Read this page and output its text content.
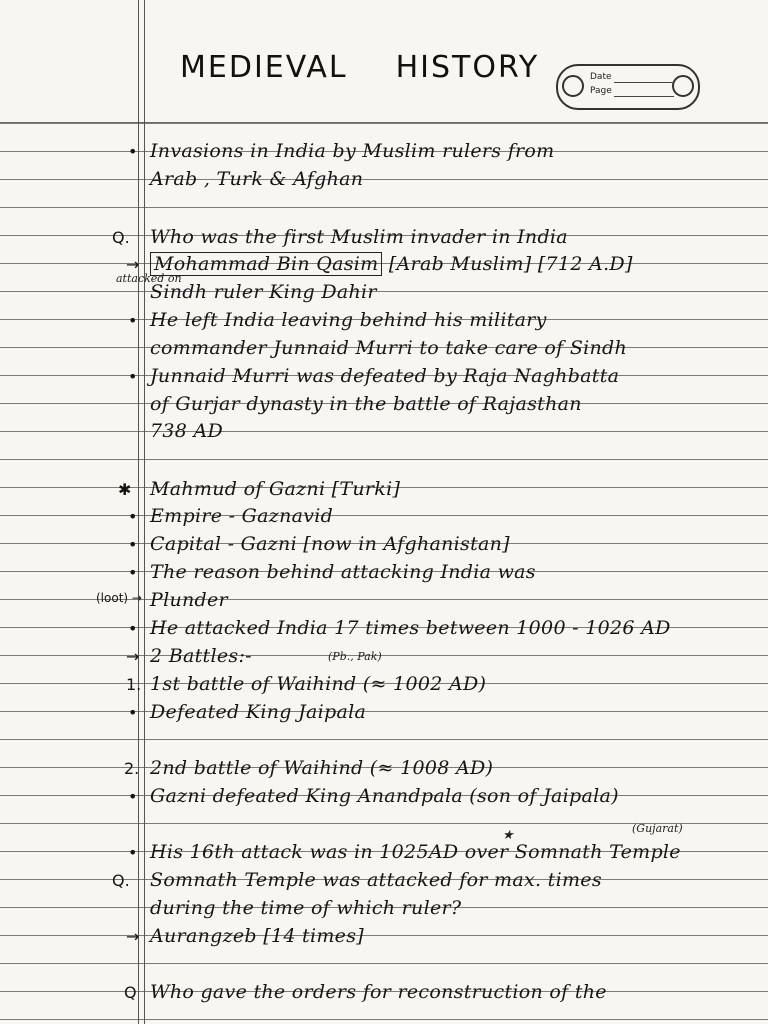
MEDIEVAL HISTORY	Date
Page
• Invasions in India by Muslim rulers from
Arab , Turk & Afghan
Q. Who was the first Muslim invader in India
→ Mohammad Bin Qasim [Arab Muslim] [712 A.D]
Sindh ruler King Dahir
• He left India leaving behind his military
commander Junnaid Murri to take care of Sindh
• Junnaid Murri was defeated by Raja Naghbatta
of Gurjar dynasty in the battle of Rajasthan
738 AD
✱ Mahmud of Gazni [Turki]
• Empire - Gaznavid
• Capital - Gazni [now in Afghanistan]
• The reason behind attacking India was
(loot) → Plunder
• He attacked India 17 times between 1000 - 1026 AD
→ 2 Battles:-
1. 1st battle of Waihind (≈ 1002 AD)
• Defeated King Jaipala
2. 2nd battle of Waihind (≈ 1008 AD)
• Gazni defeated King Anandpala (son of Jaipala)
• His 16th attack was in 1025AD over Somnath Temple
Q. Somnath Temple was attacked for max. times
during the time of which ruler?
→ Aurangzeb [14 times]
Q Who gave the orders for reconstruction of the
attacked on
(Pb., Pak)
(Gujarat)
★
